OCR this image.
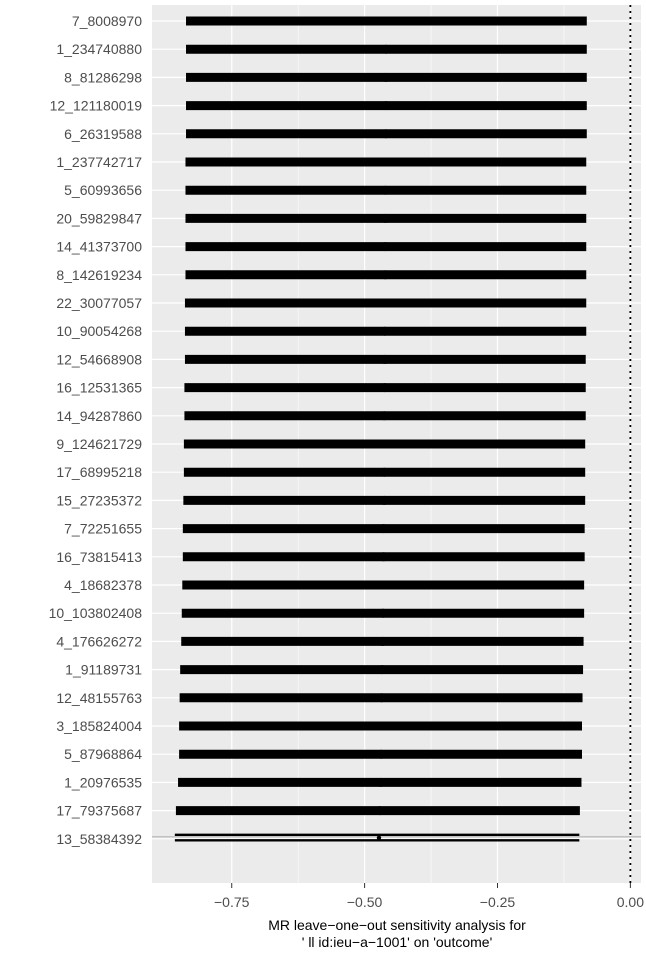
7_8008970
1_234740880
8_81286298
12_121180019
6_26319588
1_237742717
5_60993656
20_59829847
14_41373700
8_142619234
22_30077057
10_90054268
12_54668908
16_12531365
14_94287860
9_124621729
17_68995218
15_27235372
7_72251655
16_73815413
4_18682378
10_103802408
4_176626272
1_91189731
12_48155763
3_185824004
5_87968864
1_20976535
17_79375687
13_58384392
−0.75	−0.50	−0.25	0.00
MR leave−one−out sensitivity analysis for
' ll id:ieu−a−1001' on 'outcome'
